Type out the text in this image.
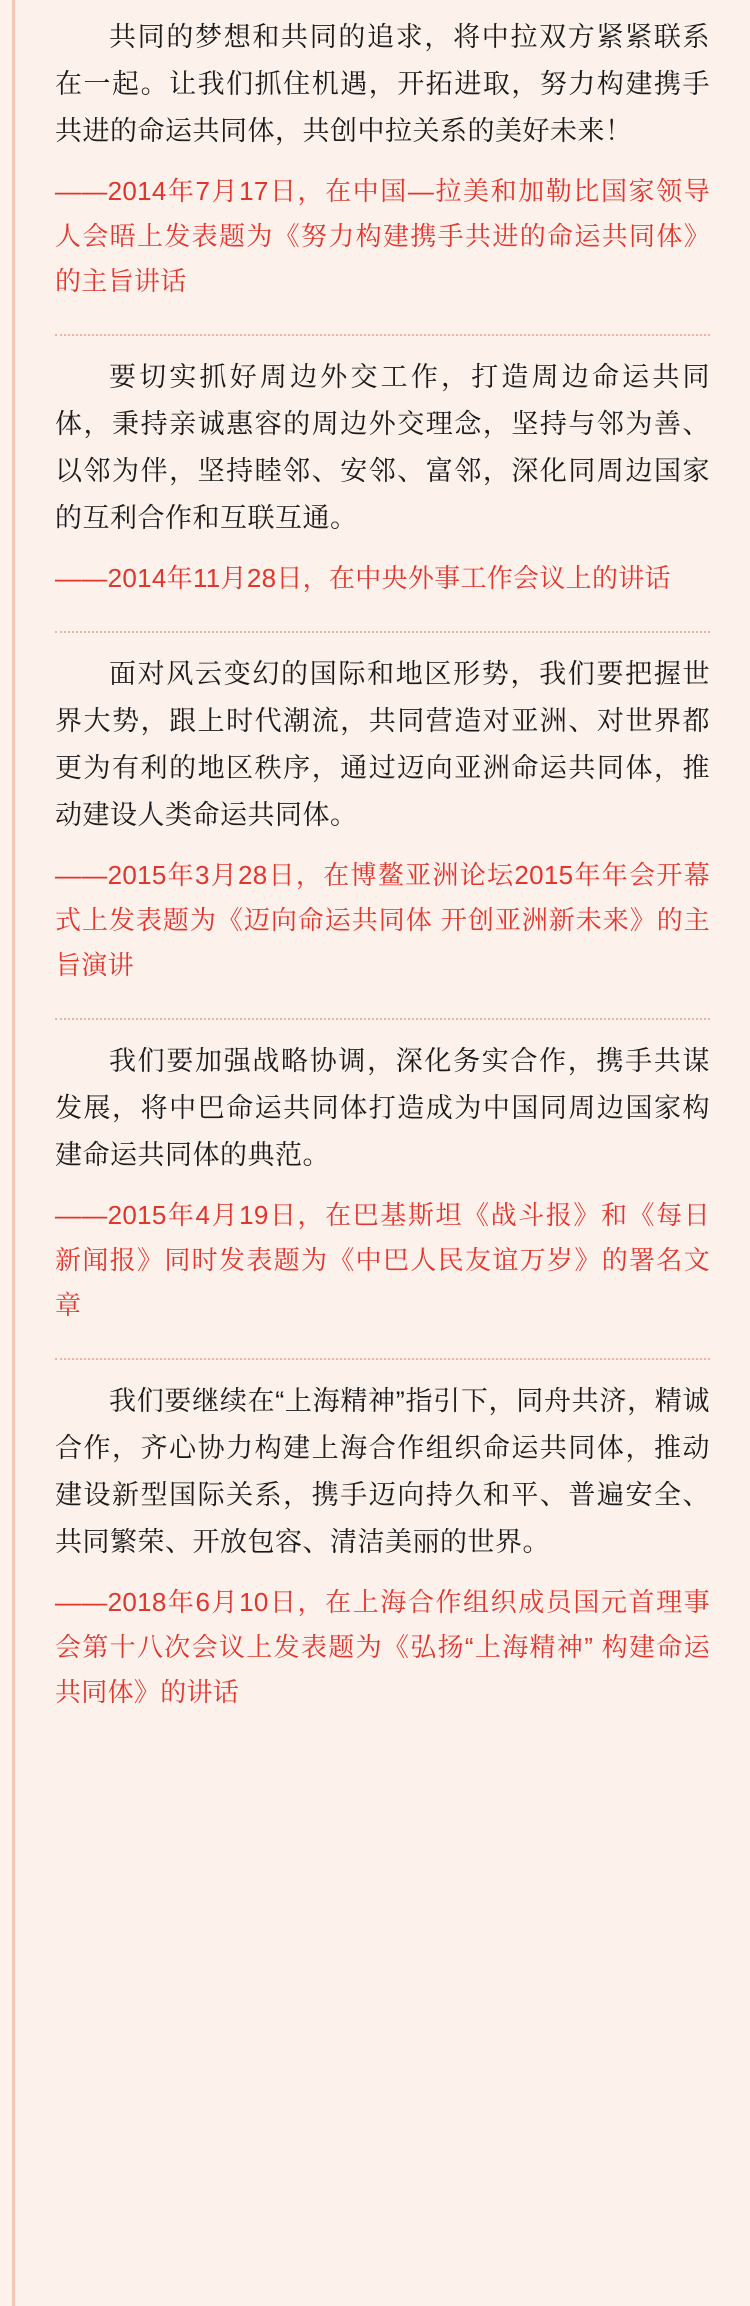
共同的梦想和共同的追求，将中拉双方紧紧联系在一起。让我们抓住机遇，开拓进取，努力构建携手共进的命运共同体，共创中拉关系的美好未来！

——2014年7月17日，在中国—拉美和加勒比国家领导人会晤上发表题为《努力构建携手共进的命运共同体》的主旨讲话

要切实抓好周边外交工作，打造周边命运共同体，秉持亲诚惠容的周边外交理念，坚持与邻为善、以邻为伴，坚持睦邻、安邻、富邻，深化同周边国家的互利合作和互联互通。

——2014年11月28日，在中央外事工作会议上的讲话

面对风云变幻的国际和地区形势，我们要把握世界大势，跟上时代潮流，共同营造对亚洲、对世界都更为有利的地区秩序，通过迈向亚洲命运共同体，推动建设人类命运共同体。

——2015年3月28日，在博鳌亚洲论坛2015年年会开幕式上发表题为《迈向命运共同体 开创亚洲新未来》的主旨演讲

我们要加强战略协调，深化务实合作，携手共谋发展，将中巴命运共同体打造成为中国同周边国家构建命运共同体的典范。

——2015年4月19日，在巴基斯坦《战斗报》和《每日新闻报》同时发表题为《中巴人民友谊万岁》的署名文章

我们要继续在“上海精神”指引下，同舟共济，精诚合作，齐心协力构建上海合作组织命运共同体，推动建设新型国际关系，携手迈向持久和平、普遍安全、共同繁荣、开放包容、清洁美丽的世界。

——2018年6月10日，在上海合作组织成员国元首理事会第十八次会议上发表题为《弘扬“上海精神” 构建命运共同体》的讲话
